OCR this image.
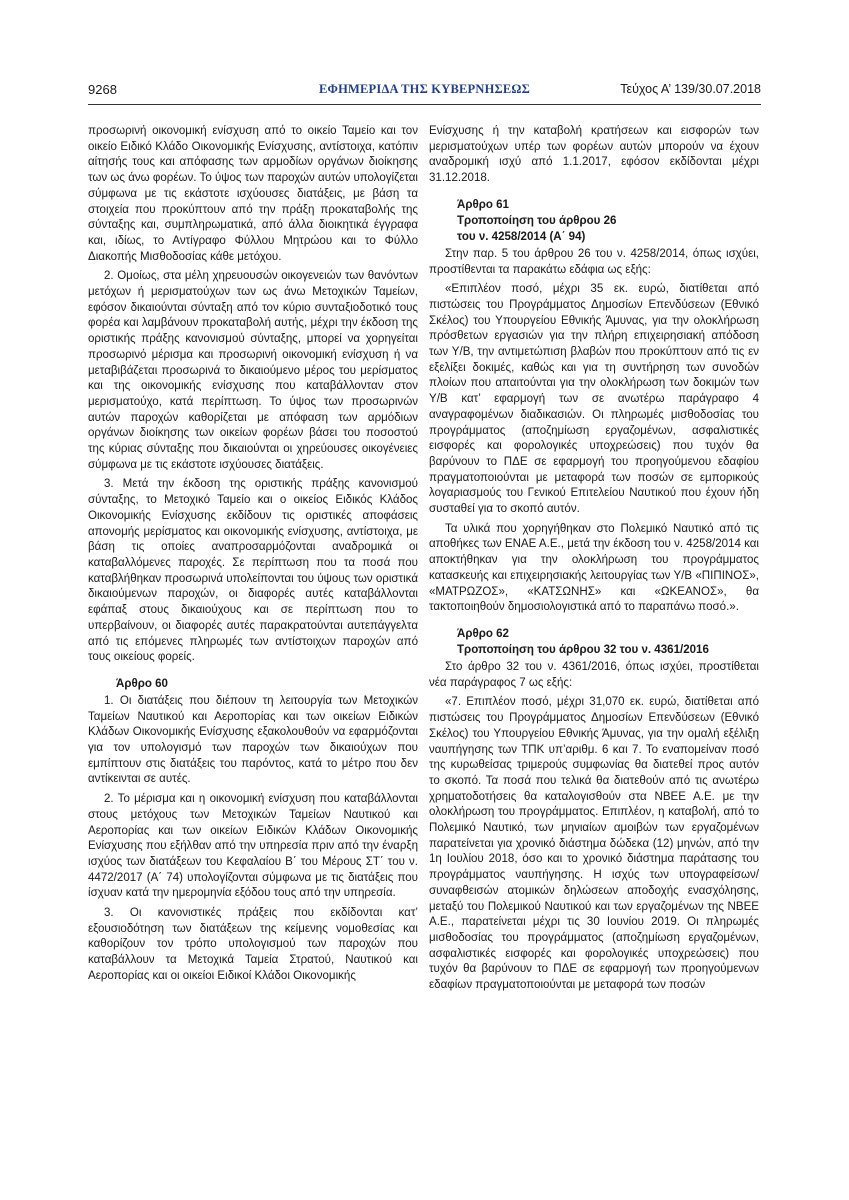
9268	ΕΦΗΜΕΡΙΔΑ ΤΗΣ ΚΥΒΕΡΝΗΣΕΩΣ	Τεύχος Α’ 139/30.07.2018

προσωρινή οικονομική ενίσχυση από το οικείο Ταμείο και τον οικείο Ειδικό Κλάδο Οικονομικής Ενίσχυσης, αντίστοιχα, κατόπιν αίτησής τους και απόφασης των αρμοδίων οργάνων διοίκησης των ως άνω φορέων. Το ύψος των παροχών αυτών υπολογίζεται σύμφωνα με τις εκάστοτε ισχύουσες διατάξεις, με βάση τα στοιχεία που προκύπτουν από την πράξη προκαταβολής της σύνταξης και, συμπληρωματικά, από άλλα διοικητικά έγγραφα και, ιδίως, το Αντίγραφο Φύλλου Μητρώου και το Φύλλο Διακοπής Μισθοδοσίας κάθε μετόχου.

2. Ομοίως, στα μέλη χηρευουσών οικογενειών των θανόντων μετόχων ή μερισματούχων των ως άνω Μετοχικών Ταμείων, εφόσον δικαιούνται σύνταξη από τον κύριο συνταξιοδοτικό τους φορέα και λαμβάνουν προκαταβολή αυτής, μέχρι την έκδοση της οριστικής πράξης κανονισμού σύνταξης, μπορεί να χορηγείται προσωρινό μέρισμα και προσωρινή οικονομική ενίσχυση ή να μεταβιβάζεται προσωρινά το δικαιούμενο μέρος του μερίσματος και της οικονομικής ενίσχυσης που καταβάλλονταν στον μερισματούχο, κατά περίπτωση. Το ύψος των προσωρινών αυτών παροχών καθορίζεται με απόφαση των αρμόδιων οργάνων διοίκησης των οικείων φορέων βάσει του ποσοστού της κύριας σύνταξης που δικαιούνται οι χηρεύουσες οικογένειες σύμφωνα με τις εκάστοτε ισχύουσες διατάξεις.

3. Μετά την έκδοση της οριστικής πράξης κανονισμού σύνταξης, το Μετοχικό Ταμείο και ο οικείος Ειδικός Κλάδος Οικονομικής Ενίσχυσης εκδίδουν τις οριστικές αποφάσεις απονομής μερίσματος και οικονομικής ενίσχυσης, αντίστοιχα, με βάση τις οποίες αναπροσαρμόζονται αναδρομικά οι καταβαλλόμενες παροχές. Σε περίπτωση που τα ποσά που καταβλήθηκαν προσωρινά υπολείπονται του ύψους των οριστικά δικαιούμενων παροχών, οι διαφορές αυτές καταβάλλονται εφάπαξ στους δικαιούχους και σε περίπτωση που το υπερβαίνουν, οι διαφορές αυτές παρακρατούνται αυτεπάγγελτα από τις επόμενες πληρωμές των αντίστοιχων παροχών από τους οικείους φορείς.

Άρθρο 60

1. Οι διατάξεις που διέπουν τη λειτουργία των Μετοχικών Ταμείων Ναυτικού και Αεροπορίας και των οικείων Ειδικών Κλάδων Οικονομικής Ενίσχυσης εξακολουθούν να εφαρμόζονται για τον υπολογισμό των παροχών των δικαιούχων που εμπίπτουν στις διατάξεις του παρόντος, κατά το μέτρο που δεν αντίκεινται σε αυτές.

2. Το μέρισμα και η οικονομική ενίσχυση που καταβάλλονται στους μετόχους των Μετοχικών Ταμείων Ναυτικού και Αεροπορίας και των οικείων Ειδικών Κλάδων Οικονομικής Ενίσχυσης που εξήλθαν από την υπηρεσία πριν από την έναρξη ισχύος των διατάξεων του Κεφαλαίου Β΄ του Μέρους ΣΤ΄ του ν. 4472/2017 (Α΄ 74) υπολογίζονται σύμφωνα με τις διατάξεις που ίσχυαν κατά την ημερομηνία εξόδου τους από την υπηρεσία.

3. Οι κανονιστικές πράξεις που εκδίδονται κατ’ εξουσιοδότηση των διατάξεων της κείμενης νομοθεσίας και καθορίζουν τον τρόπο υπολογισμού των παροχών που καταβάλλουν τα Μετοχικά Ταμεία Στρατού, Ναυτικού και Αεροπορίας και οι οικείοι Ειδικοί Κλάδοι Οικονομικής

Ενίσχυσης ή την καταβολή κρατήσεων και εισφορών των μερισματούχων υπέρ των φορέων αυτών μπορούν να έχουν αναδρομική ισχύ από 1.1.2017, εφόσον εκδίδονται μέχρι 31.12.2018.

Άρθρο 61
Τροποποίηση του άρθρου 26
του ν. 4258/2014 (Α΄ 94)

Στην παρ. 5 του άρθρου 26 του ν. 4258/2014, όπως ισχύει, προστίθενται τα παρακάτω εδάφια ως εξής:

«Επιπλέον ποσό, μέχρι 35 εκ. ευρώ, διατίθεται από πιστώσεις του Προγράμματος Δημοσίων Επενδύσεων (Εθνικό Σκέλος) του Υπουργείου Εθνικής Άμυνας, για την ολοκλήρωση πρόσθετων εργασιών για την πλήρη επιχειρησιακή απόδοση των Υ/Β, την αντιμετώπιση βλαβών που προκύπτουν από τις εν εξελίξει δοκιμές, καθώς και για τη συντήρηση των συνοδών πλοίων που απαιτούνται για την ολοκλήρωση των δοκιμών των Υ/Β κατ’ εφαρμογή των σε ανωτέρω παράγραφο 4 αναγραφομένων διαδικασιών. Οι πληρωμές μισθοδοσίας του προγράμματος (αποζημίωση εργαζομένων, ασφαλιστικές εισφορές και φορολογικές υποχρεώσεις) που τυχόν θα βαρύνουν το ΠΔΕ σε εφαρμογή του προηγούμενου εδαφίου πραγματοποιούνται με μεταφορά των ποσών σε εμπορικούς λογαριασμούς του Γενικού Επιτελείου Ναυτικού που έχουν ήδη συσταθεί για το σκοπό αυτόν.

Τα υλικά που χορηγήθηκαν στο Πολεμικό Ναυτικό από τις αποθήκες των ΕΝΑΕ Α.Ε., μετά την έκδοση του ν. 4258/2014 και αποκτήθηκαν για την ολοκλήρωση του προγράμματος κατασκευής και επιχειρησιακής λειτουργίας των Υ/Β «ΠΙΠΙΝΟΣ», «ΜΑΤΡΩΖΟΣ», «ΚΑΤΣΩΝΗΣ» και «ΩΚΕΑΝΟΣ», θα τακτοποιηθούν δημοσιολογιστικά από το παραπάνω ποσό.».

Άρθρο 62
Τροποποίηση του άρθρου 32 του ν. 4361/2016

Στο άρθρο 32 του ν. 4361/2016, όπως ισχύει, προστίθεται νέα παράγραφος 7 ως εξής:

«7. Επιπλέον ποσό, μέχρι 31,070 εκ. ευρώ, διατίθεται από πιστώσεις του Προγράμματος Δημοσίων Επενδύσεων (Εθνικό Σκέλος) του Υπουργείου Εθνικής Άμυνας, για την ομαλή εξέλιξη ναυπήγησης των ΤΠΚ υπ’αριθμ. 6 και 7. Το εναπομείναν ποσό της κυρωθείσας τριμερούς συμφωνίας θα διατεθεί προς αυτόν το σκοπό. Τα ποσά που τελικά θα διατεθούν από τις ανωτέρω χρηματοδοτήσεις θα καταλογισθούν στα ΝΒΕΕ Α.Ε. με την ολοκλήρωση του προγράμματος. Επιπλέον, η καταβολή, από το Πολεμικό Ναυτικό, των μηνιαίων αμοιβών των εργαζομένων παρατείνεται για χρονικό διάστημα δώδεκα (12) μηνών, από την 1η Ιουλίου 2018, όσο και το χρονικό διάστημα παράτασης του προγράμματος ναυπήγησης. Η ισχύς των υπογραφείσων/συναφθεισών ατομικών δηλώσεων αποδοχής ενασχόλησης, μεταξύ του Πολεμικού Ναυτικού και των εργαζομένων της ΝΒΕΕ Α.Ε., παρατείνεται μέχρι τις 30 Ιουνίου 2019. Οι πληρωμές μισθοδοσίας του προγράμματος (αποζημίωση εργαζομένων, ασφαλιστικές εισφορές και φορολογικές υποχρεώσεις) που τυχόν θα βαρύνουν το ΠΔΕ σε εφαρμογή των προηγούμενων εδαφίων πραγματοποιούνται με μεταφορά των ποσών
